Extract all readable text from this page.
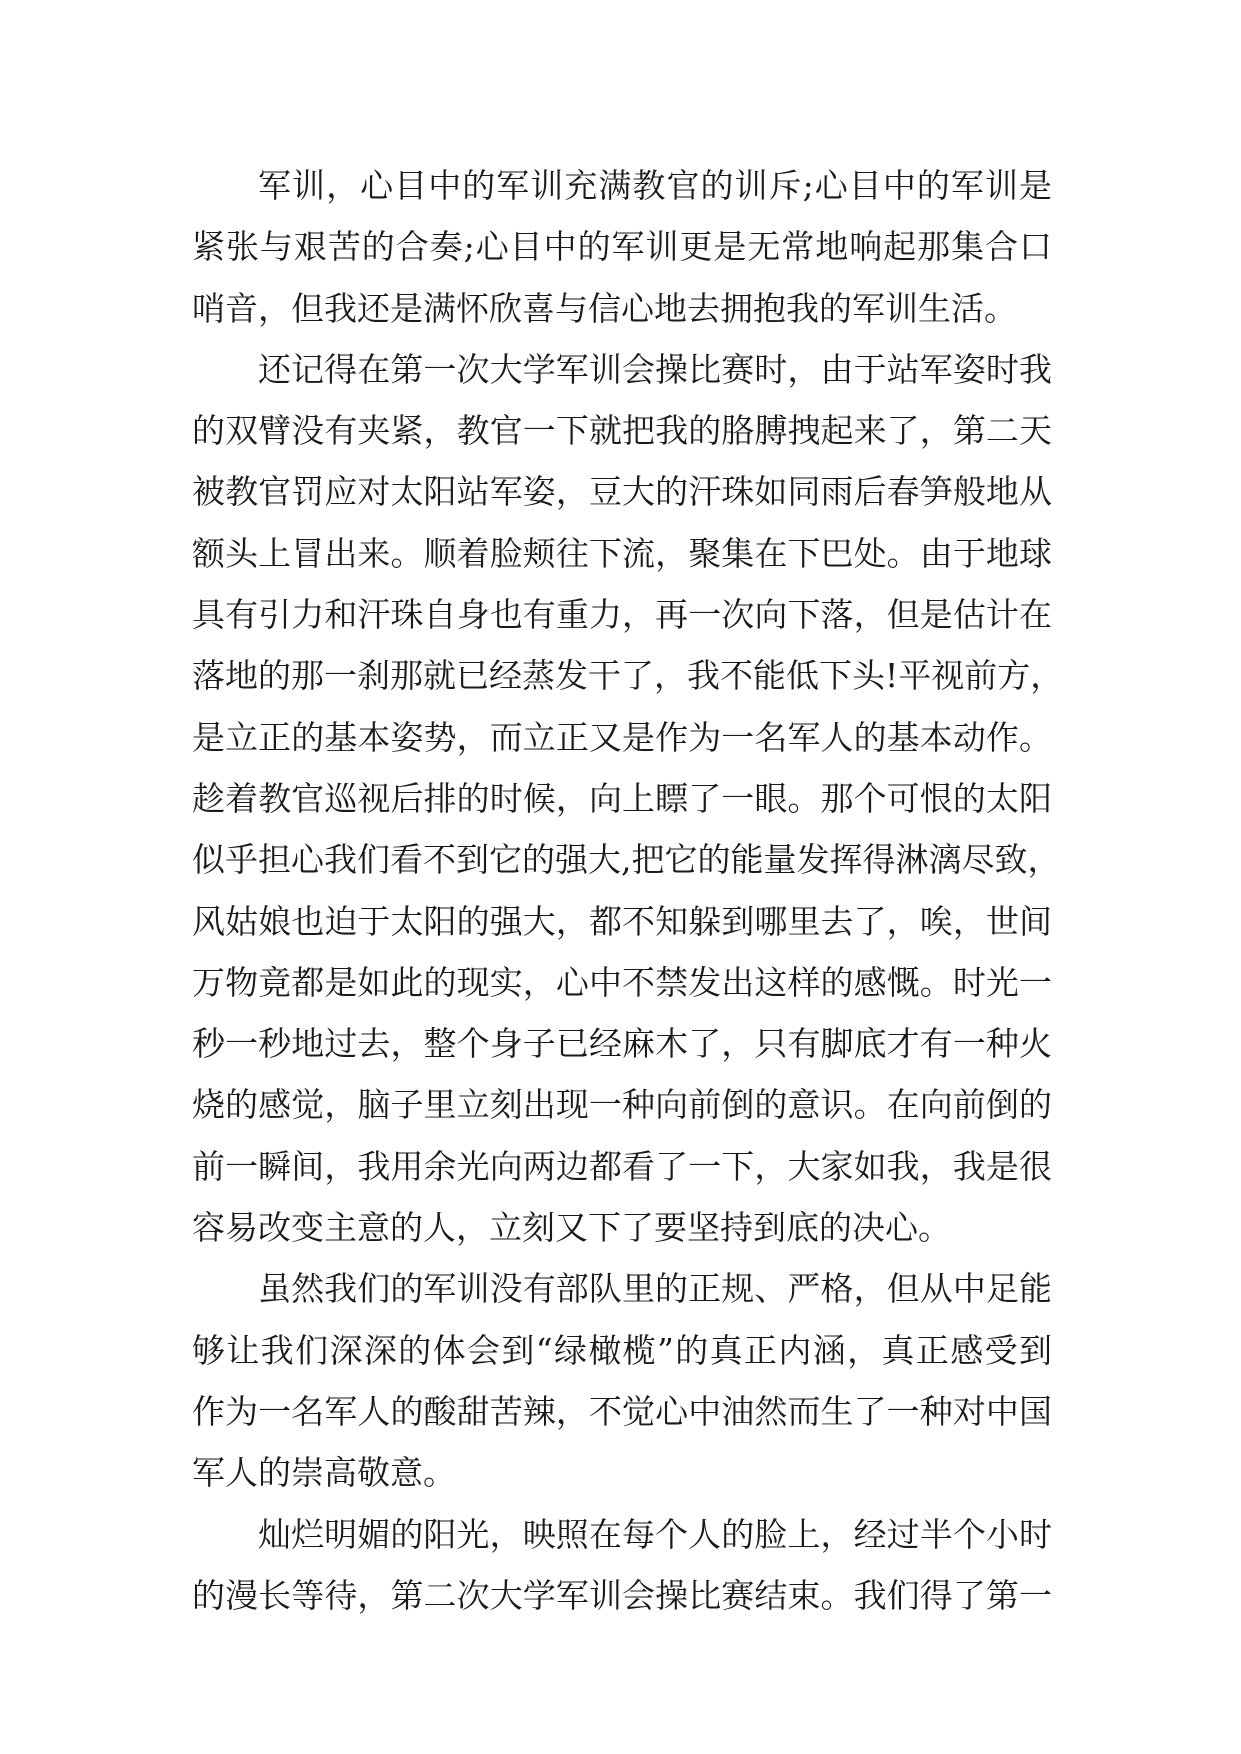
军训，心目中的军训充满教官的训斥;心目中的军训是
紧张与艰苦的合奏;心目中的军训更是无常地响起那集合口
哨音，但我还是满怀欣喜与信心地去拥抱我的军训生活。
还记得在第一次大学军训会操比赛时，由于站军姿时我
的双臂没有夹紧，教官一下就把我的胳膊拽起来了，第二天
被教官罚应对太阳站军姿，豆大的汗珠如同雨后春笋般地从
额头上冒出来。顺着脸颊往下流，聚集在下巴处。由于地球
具有引力和汗珠自身也有重力，再一次向下落，但是估计在
落地的那一刹那就已经蒸发干了，我不能低下头!平视前方，
是立正的基本姿势，而立正又是作为一名军人的基本动作。
趁着教官巡视后排的时候，向上瞟了一眼。那个可恨的太阳
似乎担心我们看不到它的强大,把它的能量发挥得淋漓尽致，
风姑娘也迫于太阳的强大，都不知躲到哪里去了，唉，世间
万物竟都是如此的现实，心中不禁发出这样的感慨。时光一
秒一秒地过去，整个身子已经麻木了，只有脚底才有一种火
烧的感觉，脑子里立刻出现一种向前倒的意识。在向前倒的
前一瞬间，我用余光向两边都看了一下，大家如我，我是很
容易改变主意的人，立刻又下了要坚持到底的决心。
虽然我们的军训没有部队里的正规、严格，但从中足能
够让我们深深的体会到“绿橄榄”的真正内涵，真正感受到
作为一名军人的酸甜苦辣，不觉心中油然而生了一种对中国
军人的崇高敬意。
灿烂明媚的阳光，映照在每个人的脸上，经过半个小时
的漫长等待，第二次大学军训会操比赛结束。我们得了第一
